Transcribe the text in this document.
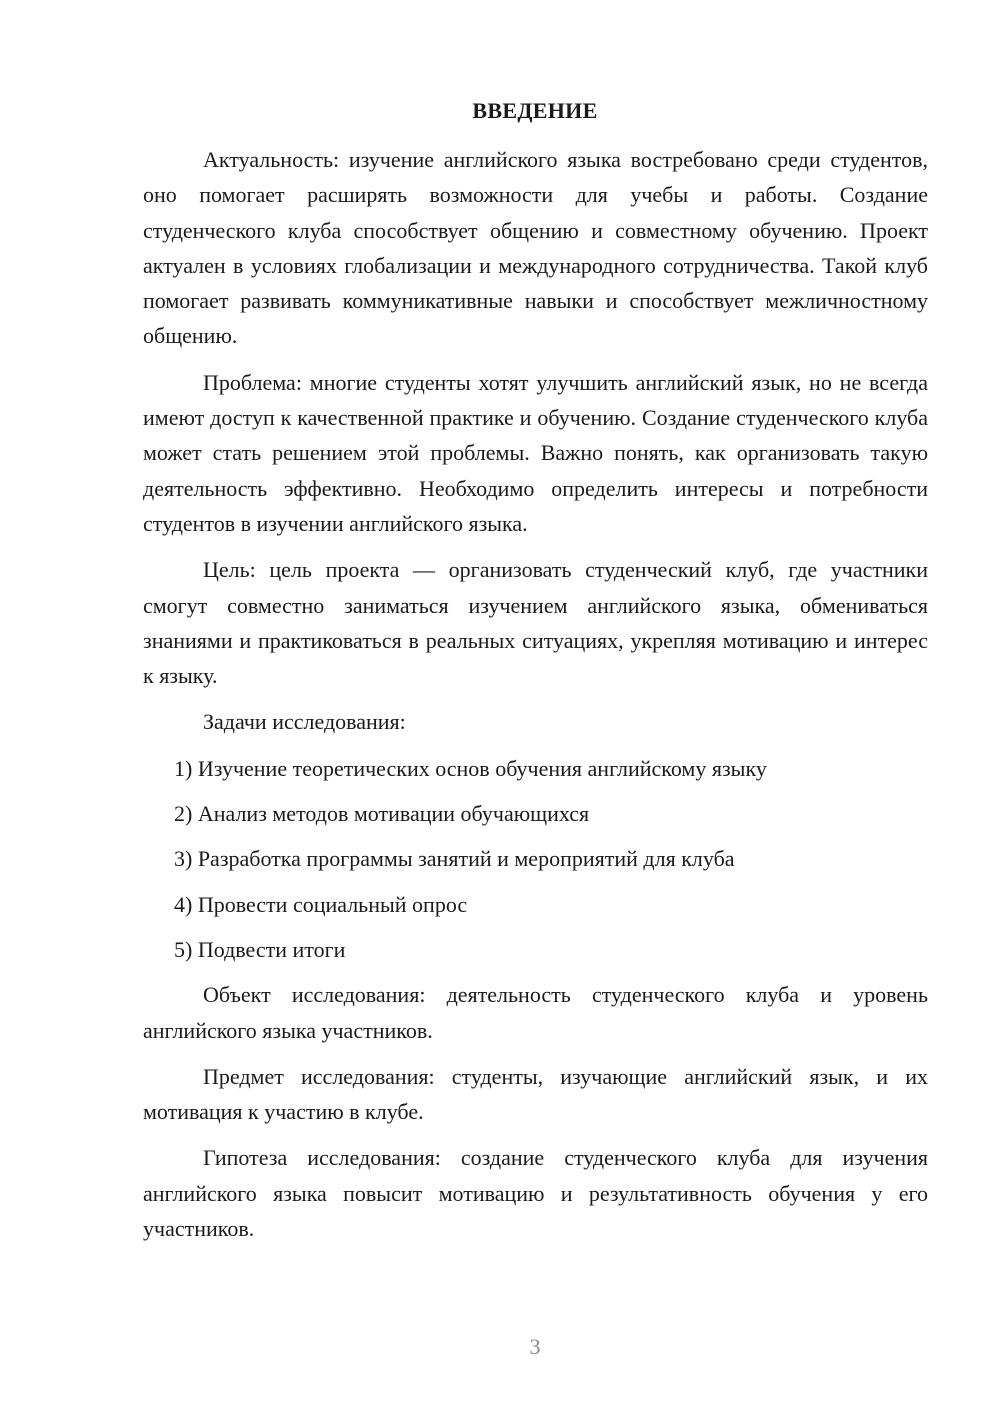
ВВЕДЕНИЕ

Актуальность: изучение английского языка востребовано среди студентов, оно помогает расширять возможности для учебы и работы. Создание студенческого клуба способствует общению и совместному обучению. Проект актуален в условиях глобализации и международного сотрудничества. Такой клуб помогает развивать коммуникативные навыки и способствует межличностному общению.

Проблема: многие студенты хотят улучшить английский язык, но не всегда имеют доступ к качественной практике и обучению. Создание студенческого клуба может стать решением этой проблемы. Важно понять, как организовать такую деятельность эффективно. Необходимо определить интересы и потребности студентов в изучении английского языка.

Цель: цель проекта — организовать студенческий клуб, где участники смогут совместно заниматься изучением английского языка, обмениваться знаниями и практиковаться в реальных ситуациях, укрепляя мотивацию и интерес к языку.

Задачи исследования:

1) Изучение теоретических основ обучения английскому языку

2) Анализ методов мотивации обучающихся

3) Разработка программы занятий и мероприятий для клуба

4) Провести социальный опрос

5) Подвести итоги

Объект исследования: деятельность студенческого клуба и уровень английского языка участников.

Предмет исследования: студенты, изучающие английский язык, и их мотивация к участию в клубе.

Гипотеза исследования: создание студенческого клуба для изучения английского языка повысит мотивацию и результативность обучения у его участников.

3
